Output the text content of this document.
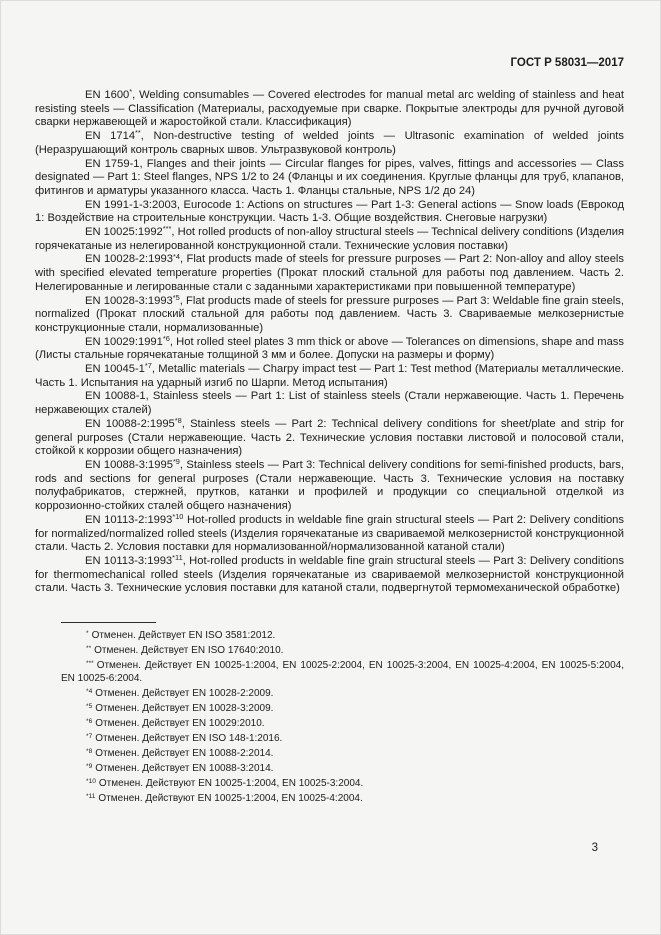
ГОСТ Р 58031—2017

EN 1600*, Welding consumables — Covered electrodes for manual metal arc welding of stainless and heat resisting steels — Classification (Материалы, расходуемые при сварке. Покрытые электроды для ручной дуговой сварки нержавеющей и жаростойкой стали. Классификация)

EN 1714**, Non-destructive testing of welded joints — Ultrasonic examination of welded joints (Неразрушающий контроль сварных швов. Ультразвуковой контроль)

EN 1759-1, Flanges and their joints — Circular flanges for pipes, valves, fittings and accessories — Class designated — Part 1: Steel flanges, NPS 1/2 to 24 (Фланцы и их соединения. Круглые фланцы для труб, клапанов, фитингов и арматуры указанного класса. Часть 1. Фланцы стальные, NPS 1/2 до 24)

EN 1991-1-3:2003, Eurocode 1: Actions on structures — Part 1-3: General actions — Snow loads (Еврокод 1: Воздействие на строительные конструкции. Часть 1-3. Общие воздействия. Снеговые нагрузки)

EN 10025:1992***, Hot rolled products of non-alloy structural steels — Technical delivery conditions (Изделия горячекатаные из нелегированной конструкционной стали. Технические условия поставки)

EN 10028-2:1993$^{*4}$, Flat products made of steels for pressure purposes — Part 2: Non-alloy and alloy steels with specified elevated temperature properties (Прокат плоский стальной для работы под давлением. Часть 2. Нелегированные и легированные стали с заданными характеристиками при повышенной температуре)

EN 10028-3:1993$^{*5}$, Flat products made of steels for pressure purposes — Part 3: Weldable fine grain steels, normalized (Прокат плоский стальной для работы под давлением. Часть 3. Свариваемые мелкозернистые конструкционные стали, нормализованные)

EN 10029:1991$^{*6}$, Hot rolled steel plates 3 mm thick or above — Tolerances on dimensions, shape and mass (Листы стальные горячекатаные толщиной 3 мм и более. Допуски на размеры и форму)

EN 10045-1$^{*7}$, Metallic materials — Charpy impact test — Part 1: Test method (Материалы металлические. Часть 1. Испытания на ударный изгиб по Шарпи. Метод испытания)

EN 10088-1, Stainless steels — Part 1: List of stainless steels (Стали нержавеющие. Часть 1. Перечень нержавеющих сталей)

EN 10088-2:1995$^{*8}$, Stainless steels — Part 2: Technical delivery conditions for sheet/plate and strip for general purposes (Стали нержавеющие. Часть 2. Технические условия поставки листовой и полосовой стали, стойкой к коррозии общего назначения)

EN 10088-3:1995$^{*9}$, Stainless steels — Part 3: Technical delivery conditions for semi-finished products, bars, rods and sections for general purposes (Стали нержавеющие. Часть 3. Технические условия на поставку полуфабрикатов, стержней, прутков, катанки и профилей и продукции со специальной отделкой из коррозионно-стойких сталей общего назначения)

EN 10113-2:1993$^{*10}$ Hot-rolled products in weldable fine grain structural steels — Part 2: Delivery conditions for normalized/normalized rolled steels (Изделия горячекатаные из свариваемой мелкозернистой конструкционной стали. Часть 2. Условия поставки для нормализованной/нормализованной катаной стали)

EN 10113-3:1993$^{*11}$, Hot-rolled products in weldable fine grain structural steels — Part 3: Delivery conditions for thermomechanical rolled steels (Изделия горячекатаные из свариваемой мелкозернистой конструкционной стали. Часть 3. Технические условия поставки для катаной стали, подвергнутой термомеханической обработке)

* Отменен. Действует EN ISO 3581:2012.

** Отменен. Действует EN ISO 17640:2010.

*** Отменен. Действует EN 10025-1:2004, EN 10025-2:2004, EN 10025-3:2004, EN 10025-4:2004, EN 10025-5:2004, EN 10025-6:2004.

$^{*4}$ Отменен. Действует EN 10028-2:2009.

$^{*5}$ Отменен. Действует EN 10028-3:2009.

$^{*6}$ Отменен. Действует EN 10029:2010.

$^{*7}$ Отменен. Действует EN ISO 148-1:2016.

$^{*8}$ Отменен. Действует EN 10088-2:2014.

$^{*9}$ Отменен. Действует EN 10088-3:2014.

$^{*10}$ Отменен. Действуют EN 10025-1:2004, EN 10025-3:2004.

$^{*11}$ Отменен. Действуют EN 10025-1:2004, EN 10025-4:2004.

3
